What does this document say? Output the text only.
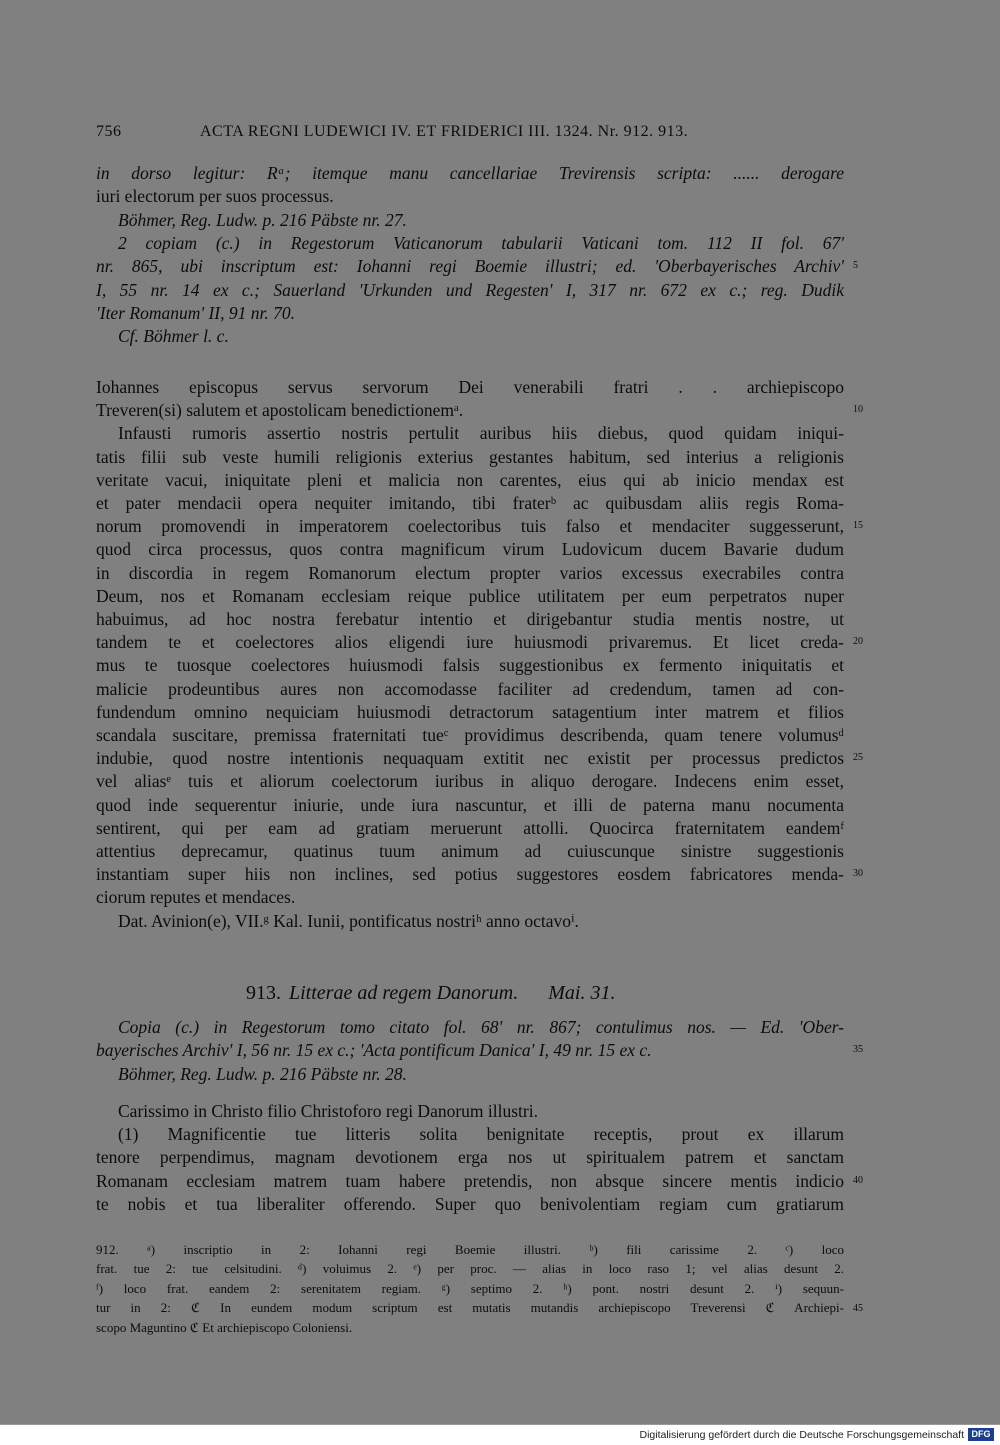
756	ACTA REGNI LUDEWICI IV. ET FRIDERICI III. 1324. Nr. 912. 913.
in dorso legitur: Rᵃ; itemque manu cancellariae Trevirensis scripta: ...... derogare
iuri electorum per suos processus.
Böhmer, Reg. Ludw. p. 216 Päbste nr. 27.
2 copiam (c.) in Regestorum Vaticanorum tabularii Vaticani tom. 112 II fol. 67'
nr. 865, ubi inscriptum est: Iohanni regi Boemie illustri; ed. 'Oberbayerisches Archiv' 5
I, 55 nr. 14 ex c.; Sauerland 'Urkunden und Regesten' I, 317 nr. 672 ex c.; reg. Dudik
'Iter Romanum' II, 91 nr. 70.
Cf. Böhmer l. c.
Iohannes episcopus servus servorum Dei venerabili fratri . . archiepiscopo
Treveren(si) salutem et apostolicam benedictionemᵃ.	10
Infausti rumoris assertio nostris pertulit auribus hiis diebus, quod quidam iniqui-
tatis filii sub veste humili religionis exterius gestantes habitum, sed interius a religionis
veritate vacui, iniquitate pleni et malicia non carentes, eius qui ab inicio mendax est
et pater mendacii opera nequiter imitando, tibi fraterᵇ ac quibusdam aliis regis Roma-
norum promovendi in imperatorem coelectoribus tuis falso et mendaciter suggesserunt, 15
quod circa processus, quos contra magnificum virum Ludovicum ducem Bavarie dudum
in discordia in regem Romanorum electum propter varios excessus execrabiles contra
Deum, nos et Romanam ecclesiam reique publice utilitatem per eum perpetratos nuper
habuimus, ad hoc nostra ferebatur intentio et dirigebantur studia mentis nostre, ut
tandem te et coelectores alios eligendi iure huiusmodi privaremus. Et licet creda- 20
mus te tuosque coelectores huiusmodi falsis suggestionibus ex fermento iniquitatis et
malicie prodeuntibus aures non accomodasse faciliter ad credendum, tamen ad con-
fundendum omnino nequiciam huiusmodi detractorum satagentium inter matrem et filios
scandala suscitare, premissa fraternitati tueᶜ providimus describenda, quam tenere volumusᵈ
indubie, quod nostre intentionis nequaquam extitit nec existit per processus predictos 25
vel aliasᵉ tuis et aliorum coelectorum iuribus in aliquo derogare. Indecens enim esset,
quod inde sequerentur iniurie, unde iura nascuntur, et illi de paterna manu nocumenta
sentirent, qui per eam ad gratiam meruerunt attolli. Quocirca fraternitatem eandemᶠ
attentius deprecamur, quatinus tuum animum ad cuiuscunque sinistre suggestionis
instantiam super hiis non inclines, sed potius suggestores eosdem fabricatores menda- 30
ciorum reputes et mendaces.
Dat. Avinion(e), VII.ᵍ Kal. Iunii, pontificatus nostriʰ anno octavoⁱ.
913. Litterae ad regem Danorum. Mai. 31.
Copia (c.) in Regestorum tomo citato fol. 68' nr. 867; contulimus nos. — Ed. 'Ober-
bayerisches Archiv' I, 56 nr. 15 ex c.; 'Acta pontificum Danica' I, 49 nr. 15 ex c.	35
Böhmer, Reg. Ludw. p. 216 Päbste nr. 28.
Carissimo in Christo filio Christoforo regi Danorum illustri.
(1) Magnificentie tue litteris solita benignitate receptis, prout ex illarum
tenore perpendimus, magnam devotionem erga nos ut spiritualem patrem et sanctam
Romanam ecclesiam matrem tuam habere pretendis, non absque sincere mentis indicio 40
te nobis et tua liberaliter offerendo. Super quo benivolentiam regiam cum gratiarum
912. ᵃ) inscriptio in 2: Iohanni regi Boemie illustri. ᵇ) fili carissime 2. ᶜ) loco
frat. tue 2: tue celsitudini. ᵈ) voluimus 2. ᵉ) per proc. — alias in loco raso 1; vel alias desunt 2.
ᶠ) loco frat. eandem 2: serenitatem regiam. ᵍ) septimo 2. ʰ) pont. nostri desunt 2. ⁱ) sequun-
tur in 2: ℭ In eundem modum scriptum est mutatis mutandis archiepiscopo Treverensi ℭ Archiepi- 45
scopo Maguntino ℭ Et archiepiscopo Coloniensi.
Digitalisierung gefördert durch die Deutsche Forschungsgemeinschaft DFG
